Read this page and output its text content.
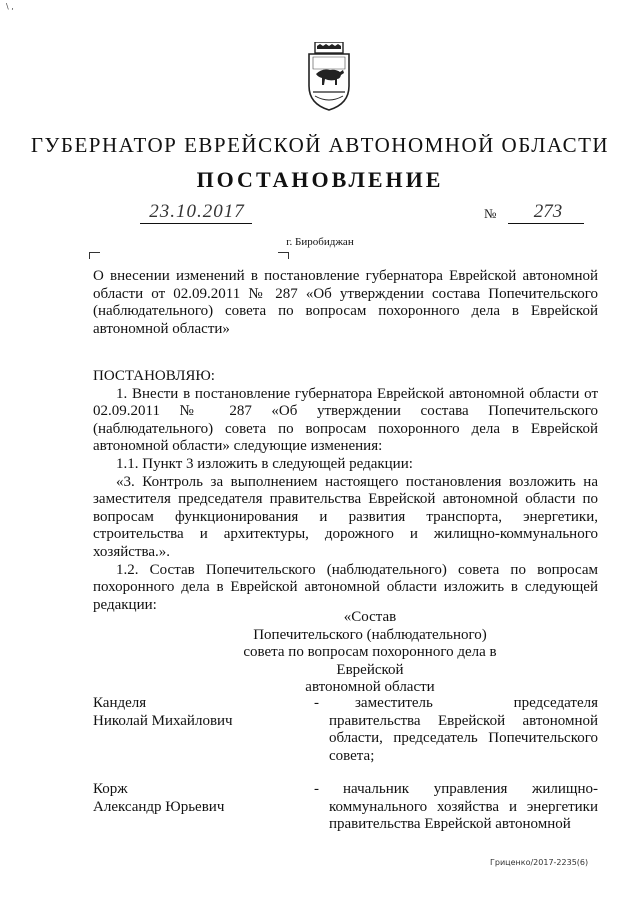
\ ,
ГУБЕРНАТОР ЕВРЕЙСКОЙ АВТОНОМНОЙ ОБЛАСТИ
ПОСТАНОВЛЕНИЕ
23.10.2017	№	273
г. Биробиджан
О внесении изменений в постановление губернатора Еврейской автономной области от 02.09.2011 № 287 «Об утверждении состава Попечительского (наблюдательного) совета по вопросам похоронного дела в Еврейской автономной области»

ПОСТАНОВЛЯЮ:

1. Внести в постановление губернатора Еврейской автономной области от 02.09.2011 № 287 «Об утверждении состава Попечительского (наблюдательного) совета по вопросам похоронного дела в Еврейской автономной области» следующие изменения:

1.1. Пункт 3 изложить в следующей редакции:

«3. Контроль за выполнением настоящего постановления возложить на заместителя председателя правительства Еврейской автономной области по вопросам функционирования и развития транспорта, энергетики, строительства и архитектуры, дорожного и жилищно-коммунального хозяйства.».

1.2. Состав Попечительского (наблюдательного) совета по вопросам похоронного дела в Еврейской автономной области изложить в следующей редакции:

«Состав
Попечительского (наблюдательного)
совета по вопросам похоронного дела в Еврейской
автономной области
Канделя
Николай Михайлович
-	заместитель председателя правительства Еврейской автономной области, председатель Попечительского совета;
Корж
Александр Юрьевич
-	начальник управления жилищно-коммунального хозяйства и энергетики правительства Еврейской автономной
Гриценко/2017-2235(6)
